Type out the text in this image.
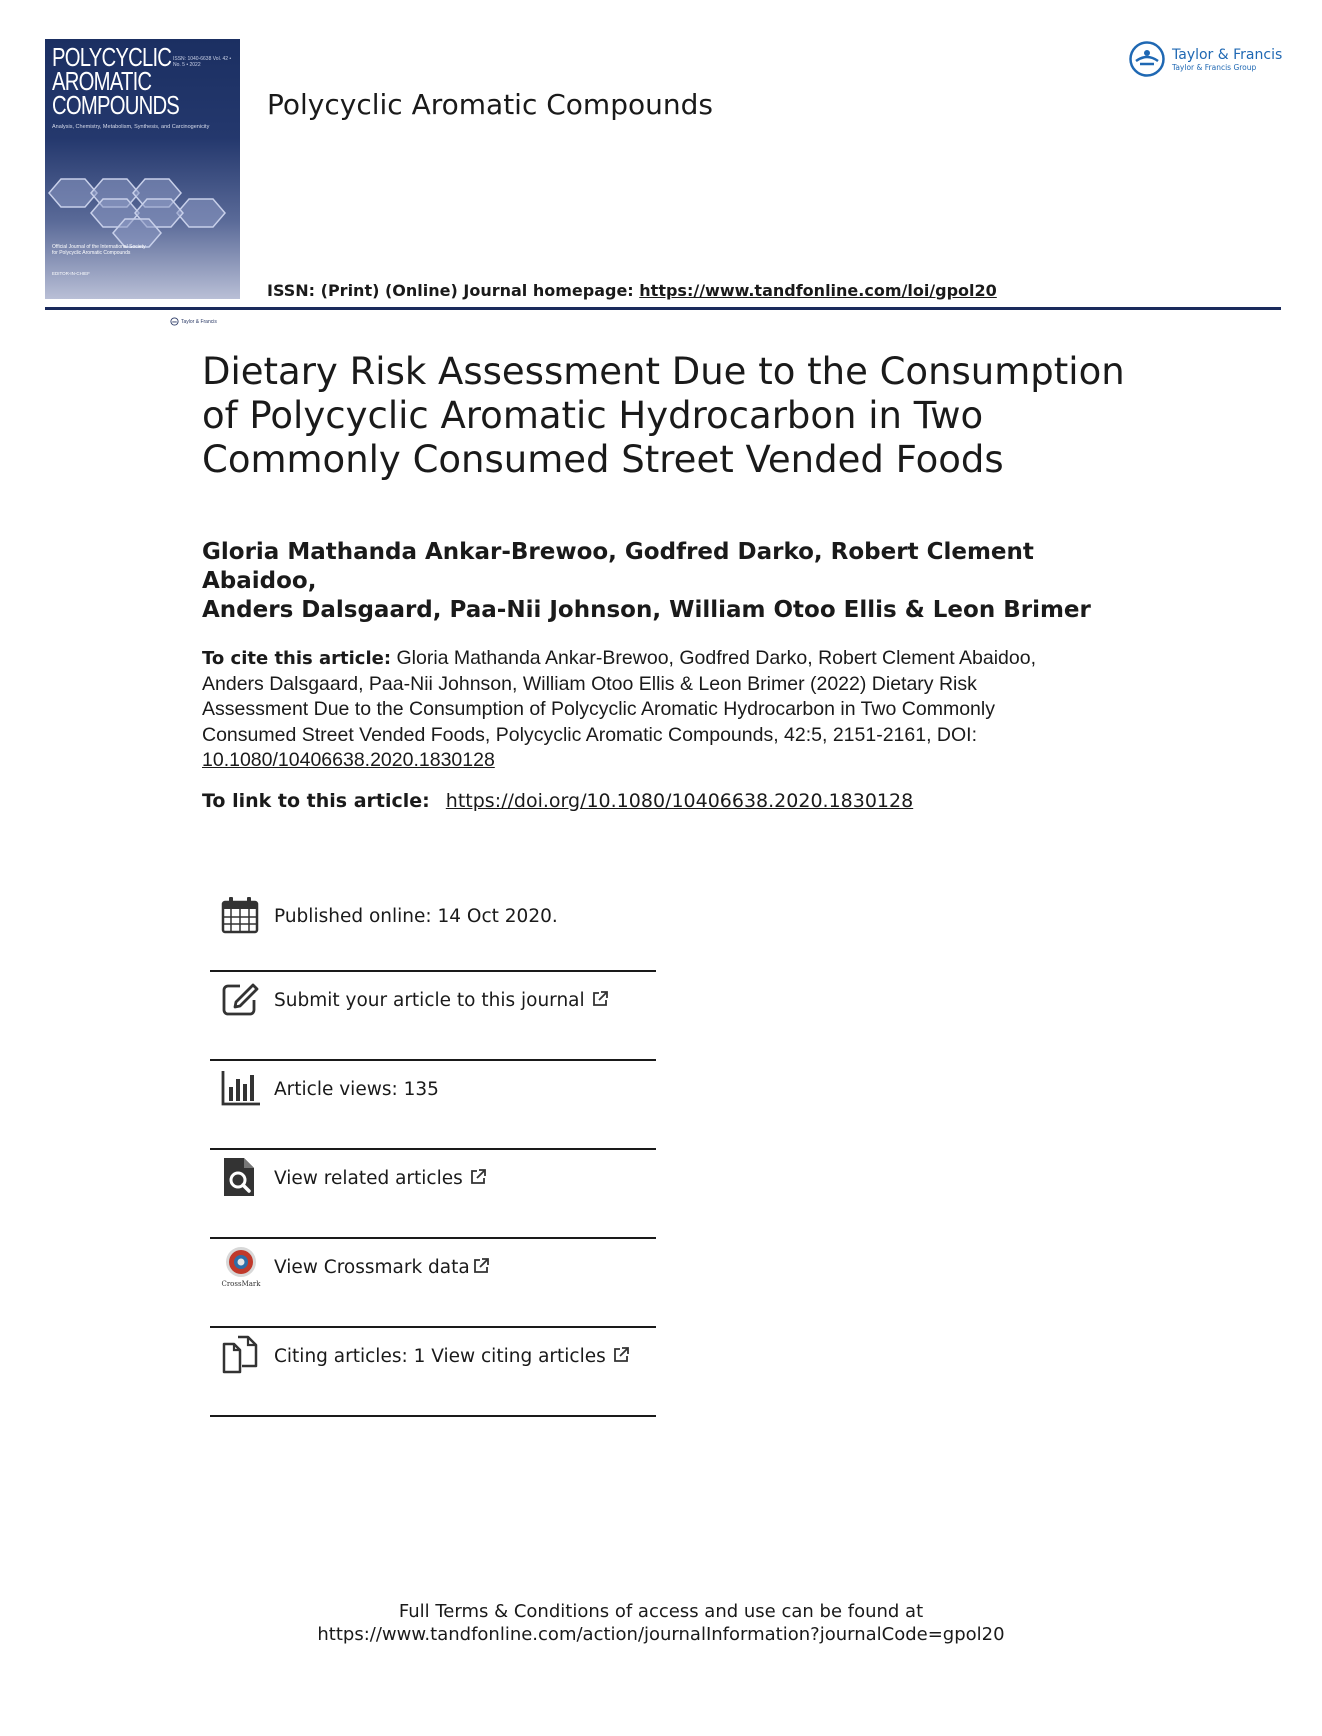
POLYCYCLIC
AROMATIC
COMPOUNDS
ISSN: 1040-6638 Vol. 42 • No. 5 • 2022
Analysis, Chemistry, Metabolism, Synthesis, and Carcinogenicity
Official Journal of the International Society for Polycyclic Aromatic Compounds
EDITOR-IN-CHIEF
Taylor & Francis
Polycyclic Aromatic Compounds
ISSN: (Print) (Online) Journal homepage: https://www.tandfonline.com/loi/gpol20
Taylor & Francis
Taylor & Francis Group
Dietary Risk Assessment Due to the Consumption
of Polycyclic Aromatic Hydrocarbon in Two
Commonly Consumed Street Vended Foods
Gloria Mathanda Ankar-Brewoo, Godfred Darko, Robert Clement Abaidoo,
Anders Dalsgaard, Paa-Nii Johnson, William Otoo Ellis & Leon Brimer
To cite this article: Gloria Mathanda Ankar-Brewoo, Godfred Darko, Robert Clement Abaidoo,
Anders Dalsgaard, Paa-Nii Johnson, William Otoo Ellis & Leon Brimer (2022) Dietary Risk
Assessment Due to the Consumption of Polycyclic Aromatic Hydrocarbon in Two Commonly
Consumed Street Vended Foods, Polycyclic Aromatic Compounds, 42:5, 2151-2161, DOI:
10.1080/10406638.2020.1830128
To link to this article: https://doi.org/10.1080/10406638.2020.1830128
Published online: 14 Oct 2020.
Submit your article to this journal
Article views: 135
View related articles
CrossMark
View Crossmark data
Citing articles: 1 View citing articles
Full Terms & Conditions of access and use can be found at
https://www.tandfonline.com/action/journalInformation?journalCode=gpol20
